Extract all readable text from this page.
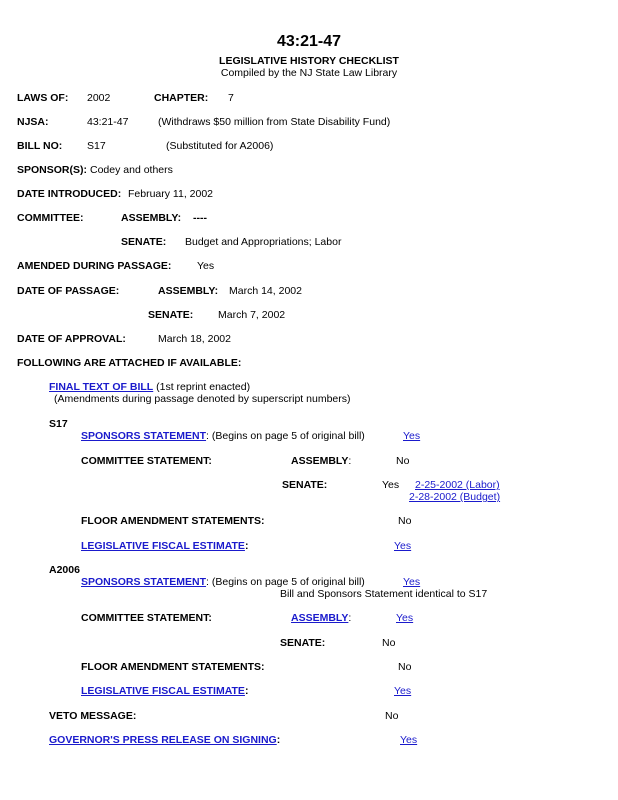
43:21-47
LEGISLATIVE HISTORY CHECKLIST
Compiled by the NJ State Law Library
LAWS OF: 2002	CHAPTER: 7
NJSA:	43:21-47	(Withdraws $50 million from State Disability Fund)
BILL NO: S17	(Substituted for A2006)
SPONSOR(S): Codey and others
DATE INTRODUCED: February 11, 2002
COMMITTEE:	ASSEMBLY: ----
SENATE: Budget and Appropriations; Labor
AMENDED DURING PASSAGE: Yes
DATE OF PASSAGE:	ASSEMBLY: March 14, 2002
SENATE: March 7, 2002
DATE OF APPROVAL:	March 18, 2002
FOLLOWING ARE ATTACHED IF AVAILABLE:
FINAL TEXT OF BILL (1st reprint enacted)
(Amendments during passage denoted by superscript numbers)
S17
SPONSORS STATEMENT: (Begins on page 5 of original bill)	Yes
COMMITTEE STATEMENT:	ASSEMBLY:	No
SENATE:	Yes 2-25-2002 (Labor)
2-28-2002 (Budget)
FLOOR AMENDMENT STATEMENTS:	No
LEGISLATIVE FISCAL ESTIMATE:	Yes
A2006
SPONSORS STATEMENT: (Begins on page 5 of original bill)	Yes
Bill and Sponsors Statement identical to S17
COMMITTEE STATEMENT:	ASSEMBLY:	Yes
SENATE:	No
FLOOR AMENDMENT STATEMENTS:	No
LEGISLATIVE FISCAL ESTIMATE:	Yes
VETO MESSAGE:	No
GOVERNOR'S PRESS RELEASE ON SIGNING:	Yes
